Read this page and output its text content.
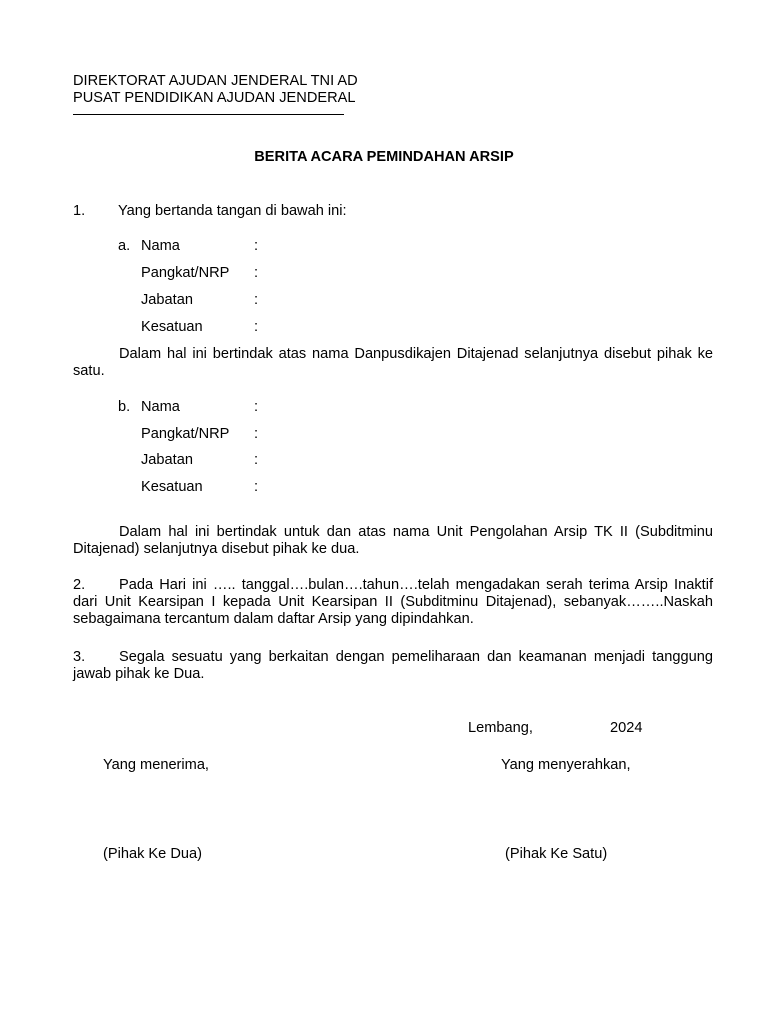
DIREKTORAT AJUDAN JENDERAL TNI AD
PUSAT PENDIDIKAN AJUDAN JENDERAL
BERITA ACARA PEMINDAHAN ARSIP
1. Yang bertanda tangan di bawah ini:
a. Nama	:
Pangkat/NRP :
Jabatan	:
Kesatuan	:
Dalam hal ini bertindak atas nama Danpusdikajen Ditajenad selanjutnya disebut pihak ke satu.
b. Nama	:
Pangkat/NRP :
Jabatan	:
Kesatuan	:
Dalam hal ini bertindak untuk dan atas nama Unit Pengolahan Arsip TK II (Subditminu Ditajenad) selanjutnya disebut pihak ke dua.
2. Pada Hari ini ….. tanggal….bulan….tahun….telah mengadakan serah terima Arsip Inaktif dari Unit Kearsipan I kepada Unit Kearsipan II (Subditminu Ditajenad), sebanyak……..Naskah sebagaimana tercantum dalam daftar Arsip yang dipindahkan.
3. Segala sesuatu yang berkaitan dengan pemeliharaan dan keamanan menjadi tanggung jawab pihak ke Dua.
Lembang,	2024
Yang menerima,	Yang menyerahkan,
(Pihak Ke Dua)	(Pihak Ke Satu)
